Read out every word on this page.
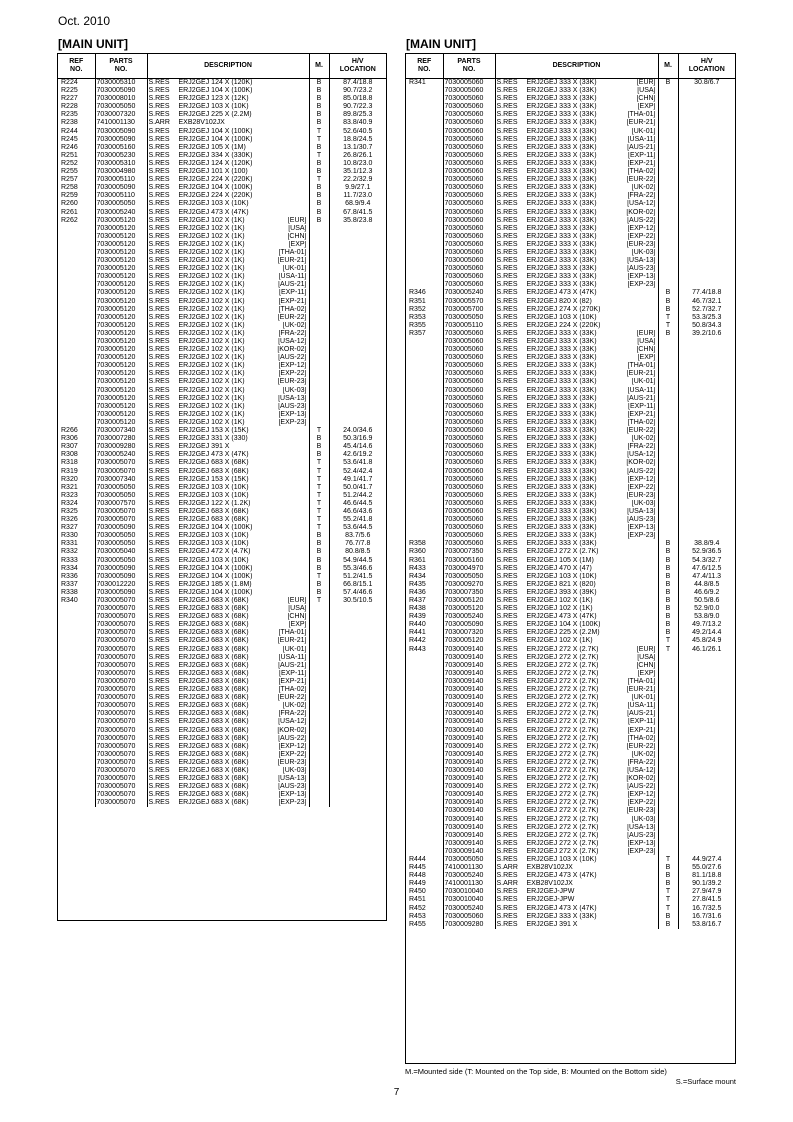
Oct. 2010
[MAIN UNIT]	[MAIN UNIT]
REF
NO.	PARTS
NO.	DESCRIPTION	M.	H/V
LOCATION
R224	7030005310	S.RES ERJ2GEJ 124 X (120K)	B	87.4/18.8
R225	7030005090	S.RES ERJ2GEJ 104 X (100K)	B	90.7/23.2
R227	7030008010	S.RES ERJ2GEJ 123 X (12K)	B	85.0/18.8
R228	7030005050	S.RES ERJ2GEJ 103 X (10K)	B	90.7/22.3
R235	7030007320	S.RES ERJ2GEJ 225 X (2.2M)	B	89.8/25.3
R238	7410001130	S.ARR EXB28V102JX	B	83.8/40.9
R244	7030005090	S.RES ERJ2GEJ 104 X (100K)	T	52.6/40.5
R245	7030005090	S.RES ERJ2GEJ 104 X (100K)	T	18.8/24.5
R246	7030005160	S.RES ERJ2GEJ 105 X (1M)	B	13.1/30.7
R251	7030005230	S.RES ERJ2GEJ 334 X (330K)	T	26.8/26.1
R252	7030005310	S.RES ERJ2GEJ 124 X (120K)	B	10.8/23.0
R255	7030004980	S.RES ERJ2GEJ 101 X (100)	B	35.1/12.3
R257	7030005110	S.RES ERJ2GEJ 224 X (220K)	T	22.2/32.9
R258	7030005090	S.RES ERJ2GEJ 104 X (100K)	B	9.9/27.1
R259	7030005110	S.RES ERJ2GEJ 224 X (220K)	B	11.7/23.0
R260	7030005050	S.RES ERJ2GEJ 103 X (10K)	B	68.9/9.4
R261	7030005240	S.RES ERJ2GEJ 473 X (47K)	B	67.8/41.5
R262	7030005120	S.RES ERJ2GEJ 102 X (1K) [EUR]	B	35.8/23.8
	7030005120	S.RES ERJ2GEJ 102 X (1K) [USA]		

	7030005120	S.RES ERJ2GEJ 102 X (1K) [CHN]		

	7030005120	S.RES ERJ2GEJ 102 X (1K) [EXP]		

	7030005120	S.RES ERJ2GEJ 102 X (1K) [THA-01]		

	7030005120	S.RES ERJ2GEJ 102 X (1K) [EUR-21]		

	7030005120	S.RES ERJ2GEJ 102 X (1K) [UK-01]		

	7030005120	S.RES ERJ2GEJ 102 X (1K) [USA-11]		

	7030005120	S.RES ERJ2GEJ 102 X (1K) [AUS-21]		

	7030005120	S.RES ERJ2GEJ 102 X (1K) [EXP-11]		

	7030005120	S.RES ERJ2GEJ 102 X (1K) [EXP-21]		

	7030005120	S.RES ERJ2GEJ 102 X (1K) [THA-02]		

	7030005120	S.RES ERJ2GEJ 102 X (1K) [EUR-22]		

	7030005120	S.RES ERJ2GEJ 102 X (1K) [UK-02]		

	7030005120	S.RES ERJ2GEJ 102 X (1K) [FRA-22]		

	7030005120	S.RES ERJ2GEJ 102 X (1K) [USA-12]		

	7030005120	S.RES ERJ2GEJ 102 X (1K) [KOR-02]		

	7030005120	S.RES ERJ2GEJ 102 X (1K) [AUS-22]		

	7030005120	S.RES ERJ2GEJ 102 X (1K) [EXP-12]		

	7030005120	S.RES ERJ2GEJ 102 X (1K) [EXP-22]		

	7030005120	S.RES ERJ2GEJ 102 X (1K) [EUR-23]		

	7030005120	S.RES ERJ2GEJ 102 X (1K) [UK-03]		

	7030005120	S.RES ERJ2GEJ 102 X (1K) [USA-13]		

	7030005120	S.RES ERJ2GEJ 102 X (1K) [AUS-23]		

	7030005120	S.RES ERJ2GEJ 102 X (1K) [EXP-13]		

	7030005120	S.RES ERJ2GEJ 102 X (1K) [EXP-23]		

R266	7030007340	S.RES ERJ2GEJ 153 X (15K)	T	24.0/34.6
R306	7030007280	S.RES ERJ2GEJ 331 X (330)	B	50.3/16.9
R307	7030009280	S.RES ERJ2GEJ 391 X	B	45.4/14.6
R308	7030005240	S.RES ERJ2GEJ 473 X (47K)	B	42.6/19.2
R318	7030005070	S.RES ERJ2GEJ 683 X (68K)	T	53.6/41.8
R319	7030005070	S.RES ERJ2GEJ 683 X (68K)	T	52.4/42.4
R320	7030007340	S.RES ERJ2GEJ 153 X (15K)	T	49.1/41.7
R321	7030005050	S.RES ERJ2GEJ 103 X (10K)	T	50.0/41.7
R323	7030005050	S.RES ERJ2GEJ 103 X (10K)	T	51.2/44.2
R324	7030007570	S.RES ERJ2GEJ 122 X (1.2K)	T	46.6/44.5
R325	7030005070	S.RES ERJ2GEJ 683 X (68K)	T	46.6/43.6
R326	7030005070	S.RES ERJ2GEJ 683 X (68K)	T	55.2/41.8
R327	7030005090	S.RES ERJ2GEJ 104 X (100K)	T	53.6/44.5
R330	7030005050	S.RES ERJ2GEJ 103 X (10K)	B	83.7/5.6
R331	7030005050	S.RES ERJ2GEJ 103 X (10K)	B	76.7/7.8
R332	7030005040	S.RES ERJ2GEJ 472 X (4.7K)	B	80.8/8.5
R333	7030005050	S.RES ERJ2GEJ 103 X (10K)	B	54.9/44.5
R334	7030005090	S.RES ERJ2GEJ 104 X (100K)	B	55.3/46.6
R336	7030005090	S.RES ERJ2GEJ 104 X (100K)	T	51.2/41.5
R337	7030012220	S.RES ERJ2GEJ 185 X (1.8M)	B	66.8/15.1
R338	7030005090	S.RES ERJ2GEJ 104 X (100K)	B	57.4/46.6
R340	7030005070	S.RES ERJ2GEJ 683 X (68K) [EUR]	T	30.5/10.5
	7030005070	S.RES ERJ2GEJ 683 X (68K) [USA]		

	7030005070	S.RES ERJ2GEJ 683 X (68K) [CHN]		

	7030005070	S.RES ERJ2GEJ 683 X (68K) [EXP]		

	7030005070	S.RES ERJ2GEJ 683 X (68K) [THA-01]		

	7030005070	S.RES ERJ2GEJ 683 X (68K) [EUR-21]		

	7030005070	S.RES ERJ2GEJ 683 X (68K) [UK-01]		

	7030005070	S.RES ERJ2GEJ 683 X (68K) [USA-11]		

	7030005070	S.RES ERJ2GEJ 683 X (68K) [AUS-21]		

	7030005070	S.RES ERJ2GEJ 683 X (68K) [EXP-11]		

	7030005070	S.RES ERJ2GEJ 683 X (68K) [EXP-21]		

	7030005070	S.RES ERJ2GEJ 683 X (68K) [THA-02]		

	7030005070	S.RES ERJ2GEJ 683 X (68K) [EUR-22]		

	7030005070	S.RES ERJ2GEJ 683 X (68K) [UK-02]		

	7030005070	S.RES ERJ2GEJ 683 X (68K) [FRA-22]		

	7030005070	S.RES ERJ2GEJ 683 X (68K) [USA-12]		

	7030005070	S.RES ERJ2GEJ 683 X (68K) [KOR-02]		

	7030005070	S.RES ERJ2GEJ 683 X (68K) [AUS-22]		

	7030005070	S.RES ERJ2GEJ 683 X (68K) [EXP-12]		

	7030005070	S.RES ERJ2GEJ 683 X (68K) [EXP-22]		

	7030005070	S.RES ERJ2GEJ 683 X (68K) [EUR-23]		

	7030005070	S.RES ERJ2GEJ 683 X (68K) [UK-03]		

	7030005070	S.RES ERJ2GEJ 683 X (68K) [USA-13]		

	7030005070	S.RES ERJ2GEJ 683 X (68K) [AUS-23]		

	7030005070	S.RES ERJ2GEJ 683 X (68K) [EXP-13]		

	7030005070	S.RES ERJ2GEJ 683 X (68K) [EXP-23]		

REF
NO.	PARTS
NO.	DESCRIPTION	M.	H/V
LOCATION
R341	7030005060	S.RES ERJ2GEJ 333 X (33K) [EUR]	B	30.8/6.7
	7030005060	S.RES ERJ2GEJ 333 X (33K) [USA]		

	7030005060	S.RES ERJ2GEJ 333 X (33K) [CHN]		

	7030005060	S.RES ERJ2GEJ 333 X (33K) [EXP]		

	7030005060	S.RES ERJ2GEJ 333 X (33K) [THA-01]		

	7030005060	S.RES ERJ2GEJ 333 X (33K) [EUR-21]		

	7030005060	S.RES ERJ2GEJ 333 X (33K) [UK-01]		

	7030005060	S.RES ERJ2GEJ 333 X (33K) [USA-11]		

	7030005060	S.RES ERJ2GEJ 333 X (33K) [AUS-21]		

	7030005060	S.RES ERJ2GEJ 333 X (33K) [EXP-11]		

	7030005060	S.RES ERJ2GEJ 333 X (33K) [EXP-21]		

	7030005060	S.RES ERJ2GEJ 333 X (33K) [THA-02]		

	7030005060	S.RES ERJ2GEJ 333 X (33K) [EUR-22]		

	7030005060	S.RES ERJ2GEJ 333 X (33K) [UK-02]		

	7030005060	S.RES ERJ2GEJ 333 X (33K) [FRA-22]		

	7030005060	S.RES ERJ2GEJ 333 X (33K) [USA-12]		

	7030005060	S.RES ERJ2GEJ 333 X (33K) [KOR-02]		

	7030005060	S.RES ERJ2GEJ 333 X (33K) [AUS-22]		

	7030005060	S.RES ERJ2GEJ 333 X (33K) [EXP-12]		

	7030005060	S.RES ERJ2GEJ 333 X (33K) [EXP-22]		

	7030005060	S.RES ERJ2GEJ 333 X (33K) [EUR-23]		

	7030005060	S.RES ERJ2GEJ 333 X (33K) [UK-03]		

	7030005060	S.RES ERJ2GEJ 333 X (33K) [USA-13]		

	7030005060	S.RES ERJ2GEJ 333 X (33K) [AUS-23]		

	7030005060	S.RES ERJ2GEJ 333 X (33K) [EXP-13]		

	7030005060	S.RES ERJ2GEJ 333 X (33K) [EXP-23]		

R346	7030005240	S.RES ERJ2GEJ 473 X (47K)	B	77.4/18.8
R351	7030005570	S.RES ERJ2GEJ 820 X (82)	B	46.7/32.1
R352	7030005700	S.RES ERJ2GEJ 274 X (270K)	B	52.7/32.7
R353	7030005050	S.RES ERJ2GEJ 103 X (10K)	T	53.3/25.3
R355	7030005110	S.RES ERJ2GEJ 224 X (220K)	T	50.8/34.3
R357	7030005060	S.RES ERJ2GEJ 333 X (33K) [EUR]	B	39.2/10.6
	7030005060	S.RES ERJ2GEJ 333 X (33K) [USA]		

	7030005060	S.RES ERJ2GEJ 333 X (33K) [CHN]		

	7030005060	S.RES ERJ2GEJ 333 X (33K) [EXP]		

	7030005060	S.RES ERJ2GEJ 333 X (33K) [THA-01]		

	7030005060	S.RES ERJ2GEJ 333 X (33K) [EUR-21]		

	7030005060	S.RES ERJ2GEJ 333 X (33K) [UK-01]		

	7030005060	S.RES ERJ2GEJ 333 X (33K) [USA-11]		

	7030005060	S.RES ERJ2GEJ 333 X (33K) [AUS-21]		

	7030005060	S.RES ERJ2GEJ 333 X (33K) [EXP-11]		

	7030005060	S.RES ERJ2GEJ 333 X (33K) [EXP-21]		

	7030005060	S.RES ERJ2GEJ 333 X (33K) [THA-02]		

	7030005060	S.RES ERJ2GEJ 333 X (33K) [EUR-22]		

	7030005060	S.RES ERJ2GEJ 333 X (33K) [UK-02]		

	7030005060	S.RES ERJ2GEJ 333 X (33K) [FRA-22]		

	7030005060	S.RES ERJ2GEJ 333 X (33K) [USA-12]		

	7030005060	S.RES ERJ2GEJ 333 X (33K) [KOR-02]		

	7030005060	S.RES ERJ2GEJ 333 X (33K) [AUS-22]		

	7030005060	S.RES ERJ2GEJ 333 X (33K) [EXP-12]		

	7030005060	S.RES ERJ2GEJ 333 X (33K) [EXP-22]		

	7030005060	S.RES ERJ2GEJ 333 X (33K) [EUR-23]		

	7030005060	S.RES ERJ2GEJ 333 X (33K) [UK-03]		

	7030005060	S.RES ERJ2GEJ 333 X (33K) [USA-13]		

	7030005060	S.RES ERJ2GEJ 333 X (33K) [AUS-23]		

	7030005060	S.RES ERJ2GEJ 333 X (33K) [EXP-13]		

	7030005060	S.RES ERJ2GEJ 333 X (33K) [EXP-23]		

R358	7030005060	S.RES ERJ2GEJ 333 X (33K)	B	38.8/9.4
R360	7030007350	S.RES ERJ2GEJ 272 X (2.7K)	B	52.9/36.5
R361	7030005160	S.RES ERJ2GEJ 105 X (1M)	B	54.3/32.7
R433	7030004970	S.RES ERJ2GEJ 470 X (47)	B	47.6/12.5
R434	7030005050	S.RES ERJ2GEJ 103 X (10K)	B	47.4/11.3
R435	7030009270	S.RES ERJ2GEJ 821 X (820)	B	44.8/8.5
R436	7030007350	S.RES ERJ2GEJ 393 X (39K)	B	46.6/9.2
R437	7030005120	S.RES ERJ2GEJ 102 X (1K)	B	50.5/8.6
R438	7030005120	S.RES ERJ2GEJ 102 X (1K)	B	52.9/0.0
R439	7030005240	S.RES ERJ2GEJ 473 X (47K)	B	53.8/9.0
R440	7030005090	S.RES ERJ2GEJ 104 X (100K)	B	49.7/13.2
R441	7030007320	S.RES ERJ2GEJ 225 X (2.2M)	B	49.2/14.4
R442	7030005120	S.RES ERJ2GEJ 102 X (1K)	T	45.8/24.9
R443	7030009140	S.RES ERJ2GEJ 272 X (2.7K) [EUR]	T	46.1/26.1
	7030009140	S.RES ERJ2GEJ 272 X (2.7K) [USA]		

	7030009140	S.RES ERJ2GEJ 272 X (2.7K) [CHN]		

	7030009140	S.RES ERJ2GEJ 272 X (2.7K) [EXP]		

	7030009140	S.RES ERJ2GEJ 272 X (2.7K) [THA-01]		

	7030009140	S.RES ERJ2GEJ 272 X (2.7K) [EUR-21]		

	7030009140	S.RES ERJ2GEJ 272 X (2.7K) [UK-01]		

	7030009140	S.RES ERJ2GEJ 272 X (2.7K) [USA-11]		

	7030009140	S.RES ERJ2GEJ 272 X (2.7K) [AUS-21]		

	7030009140	S.RES ERJ2GEJ 272 X (2.7K) [EXP-11]		

	7030009140	S.RES ERJ2GEJ 272 X (2.7K) [EXP-21]		

	7030009140	S.RES ERJ2GEJ 272 X (2.7K) [THA-02]		

	7030009140	S.RES ERJ2GEJ 272 X (2.7K) [EUR-22]		

	7030009140	S.RES ERJ2GEJ 272 X (2.7K) [UK-02]		

	7030009140	S.RES ERJ2GEJ 272 X (2.7K) [FRA-22]		

	7030009140	S.RES ERJ2GEJ 272 X (2.7K) [USA-12]		

	7030009140	S.RES ERJ2GEJ 272 X (2.7K) [KOR-02]		

	7030009140	S.RES ERJ2GEJ 272 X (2.7K) [AUS-22]		

	7030009140	S.RES ERJ2GEJ 272 X (2.7K) [EXP-12]		

	7030009140	S.RES ERJ2GEJ 272 X (2.7K) [EXP-22]		

	7030009140	S.RES ERJ2GEJ 272 X (2.7K) [EUR-23]		

	7030009140	S.RES ERJ2GEJ 272 X (2.7K) [UK-03]		

	7030009140	S.RES ERJ2GEJ 272 X (2.7K) [USA-13]		

	7030009140	S.RES ERJ2GEJ 272 X (2.7K) [AUS-23]		

	7030009140	S.RES ERJ2GEJ 272 X (2.7K) [EXP-13]		

	7030009140	S.RES ERJ2GEJ 272 X (2.7K) [EXP-23]		

R444	7030005050	S.RES ERJ2GEJ 103 X (10K)	T	44.9/27.4
R445	7410001130	S.ARR EXB28V102JX	B	55.0/27.6
R448	7030005240	S.RES ERJ2GEJ 473 X (47K)	B	81.1/18.8
R449	7410001130	S.ARR EXB28V102JX	B	90.1/39.2
R450	7030010040	S.RES ERJ2GEJ-JPW	T	27.9/47.9
R451	7030010040	S.RES ERJ2GEJ-JPW	T	27.8/41.5
R452	7030005240	S.RES ERJ2GEJ 473 X (47K)	T	16.7/32.5
R453	7030005060	S.RES ERJ2GEJ 333 X (33K)	B	16.7/31.6
R455	7030009280	S.RES ERJ2GEJ 391 X	B	53.8/16.7
M.=Mounted side (T: Mounted on the Top side, B: Mounted on the Bottom side)
S.=Surface mount
7
